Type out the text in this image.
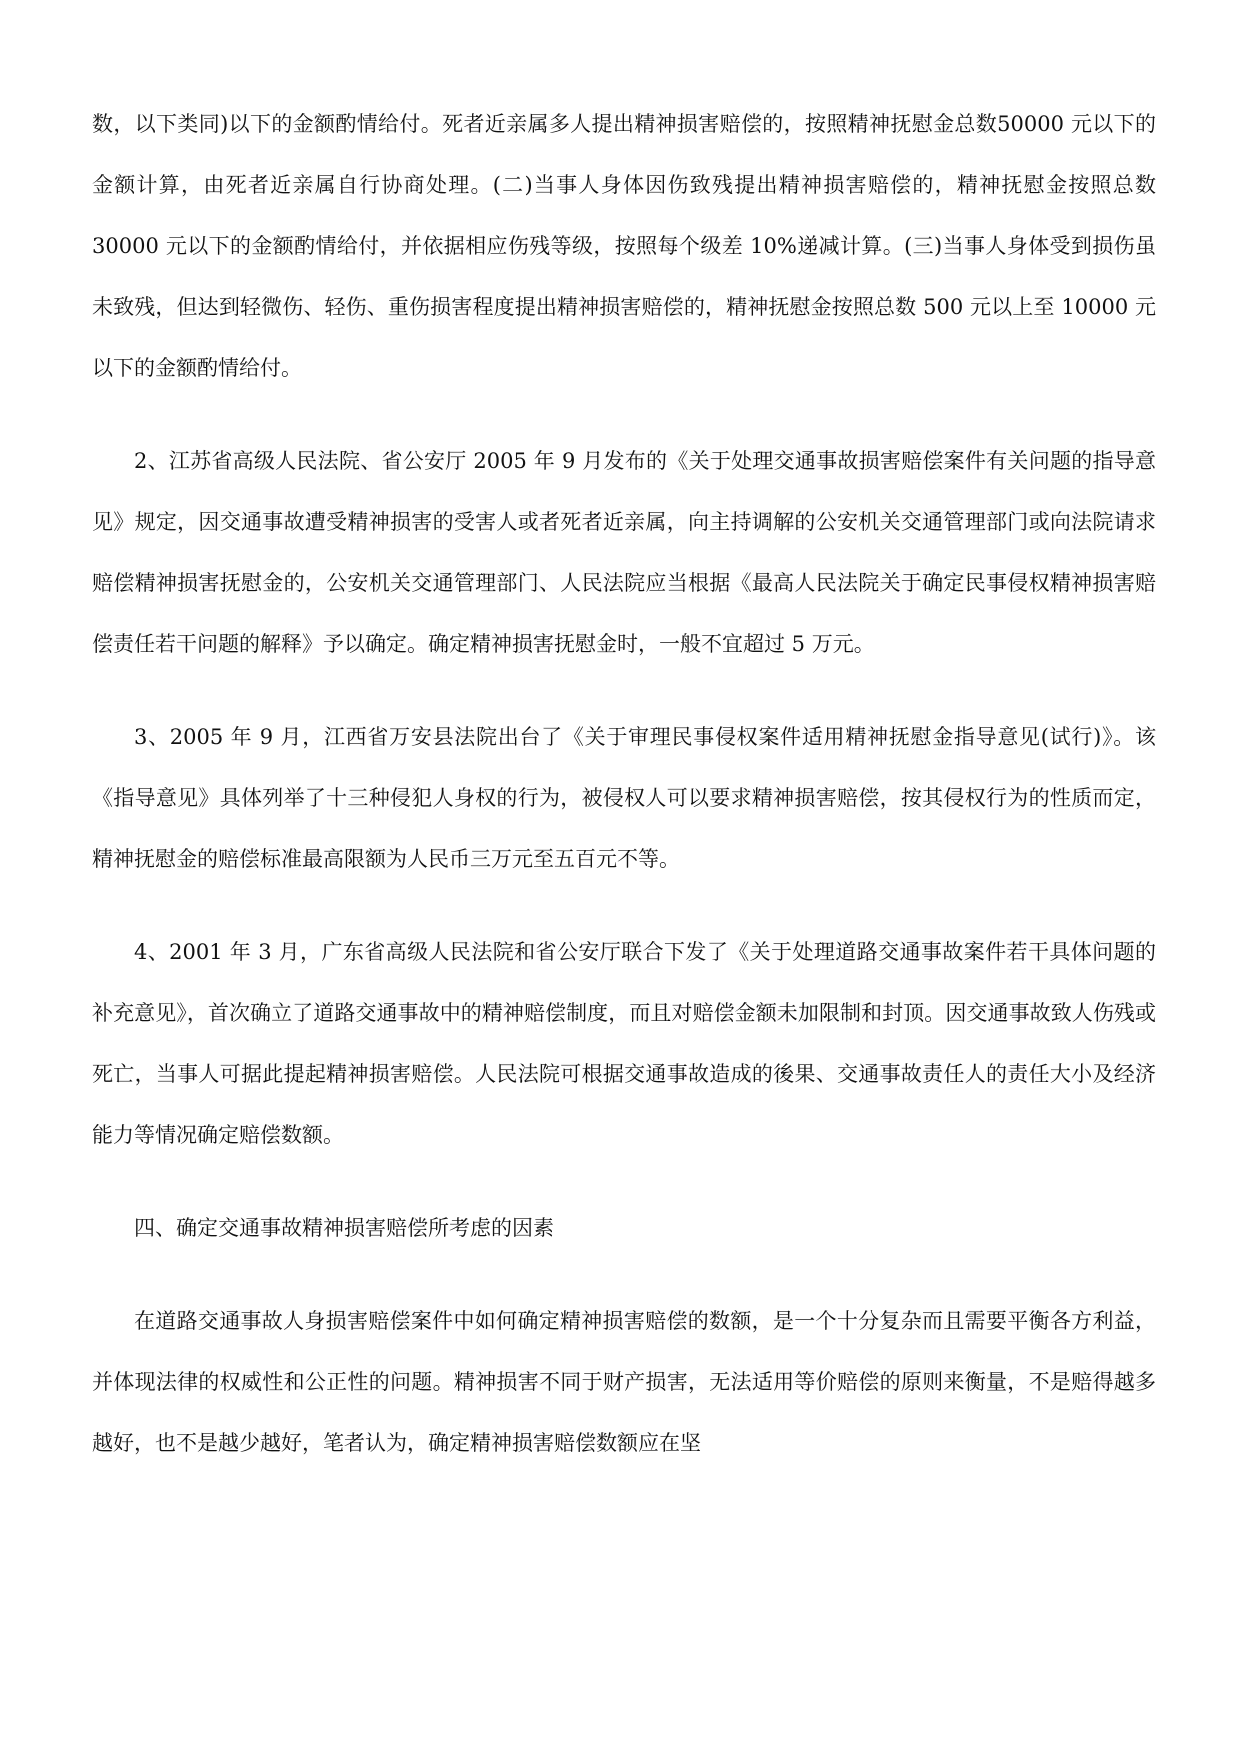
数，以下类同)以下的金额酌情给付。死者近亲属多人提出精神损害赔偿的，按照精神抚慰金总数50000 元以下的金额计算，由死者近亲属自行协商处理。(二)当事人身体因伤致残提出精神损害赔偿的，精神抚慰金按照总数 30000 元以下的金额酌情给付，并依据相应伤残等级，按照每个级差 10%递减计算。(三)当事人身体受到损伤虽未致残，但达到轻微伤、轻伤、重伤损害程度提出精神损害赔偿的，精神抚慰金按照总数 500 元以上至 10000 元以下的金额酌情给付。

2、江苏省高级人民法院、省公安厅 2005 年 9 月发布的《关于处理交通事故损害赔偿案件有关问题的指导意见》规定，因交通事故遭受精神损害的受害人或者死者近亲属，向主持调解的公安机关交通管理部门或向法院请求赔偿精神损害抚慰金的，公安机关交通管理部门、人民法院应当根据《最高人民法院关于确定民事侵权精神损害赔偿责任若干问题的解释》予以确定。确定精神损害抚慰金时，一般不宜超过 5 万元。

3、2005 年 9 月，江西省万安县法院出台了《关于审理民事侵权案件适用精神抚慰金指导意见(试行)》。该《指导意见》具体列举了十三种侵犯人身权的行为，被侵权人可以要求精神损害赔偿，按其侵权行为的性质而定，精神抚慰金的赔偿标准最高限额为人民币三万元至五百元不等。

4、2001 年 3 月，广东省高级人民法院和省公安厅联合下发了《关于处理道路交通事故案件若干具体问题的补充意见》，首次确立了道路交通事故中的精神赔偿制度，而且对赔偿金额未加限制和封顶。因交通事故致人伤残或死亡，当事人可据此提起精神损害赔偿。人民法院可根据交通事故造成的後果、交通事故责任人的责任大小及经济能力等情况确定赔偿数额。

四、确定交通事故精神损害赔偿所考虑的因素

在道路交通事故人身损害赔偿案件中如何确定精神损害赔偿的数额，是一个十分复杂而且需要平衡各方利益，并体现法律的权威性和公正性的问题。精神损害不同于财产损害，无法适用等价赔偿的原则来衡量，不是赔得越多越好，也不是越少越好，笔者认为，确定精神损害赔偿数额应在坚
